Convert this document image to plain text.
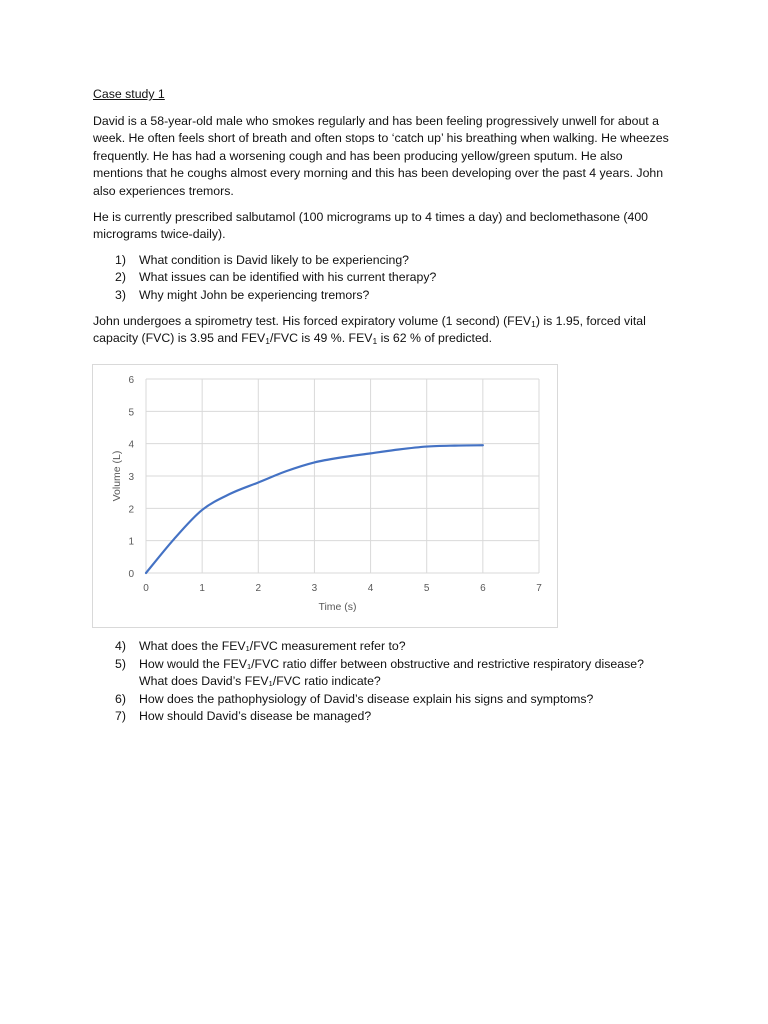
Case study 1

David is a 58-year-old male who smokes regularly and has been feeling progressively unwell for about a week. He often feels short of breath and often stops to ‘catch up’ his breathing when walking. He wheezes frequently. He has had a worsening cough and has been producing yellow/green sputum. He also mentions that he coughs almost every morning and this has been developing over the past 4 years. John also experiences tremors.

He is currently prescribed salbutamol (100 micrograms up to 4 times a day) and beclomethasone (400 micrograms twice-daily).

1)	What condition is David likely to be experiencing?
2)	What issues can be identified with his current therapy?
3)	Why might John be experiencing tremors?

John undergoes a spirometry test. His forced expiratory volume (1 second) $(FEV_1)$ is 1.95, forced vital capacity (FVC) is 3.95 and $FEV_1$/FVC is 49 %. $FEV_1$ is 62 % of predicted.

0
1
2
3
4
5
6
0	1	2	3	4	5	6	7
Time (s)
Volume (L)
4)	What does the FEV₁/FVC measurement refer to?
5)	How would the FEV₁/FVC ratio differ between obstructive and restrictive respiratory disease? What does David’s FEV₁/FVC ratio indicate?
6)	How does the pathophysiology of David’s disease explain his signs and symptoms?
7)	How should David’s disease be managed?
